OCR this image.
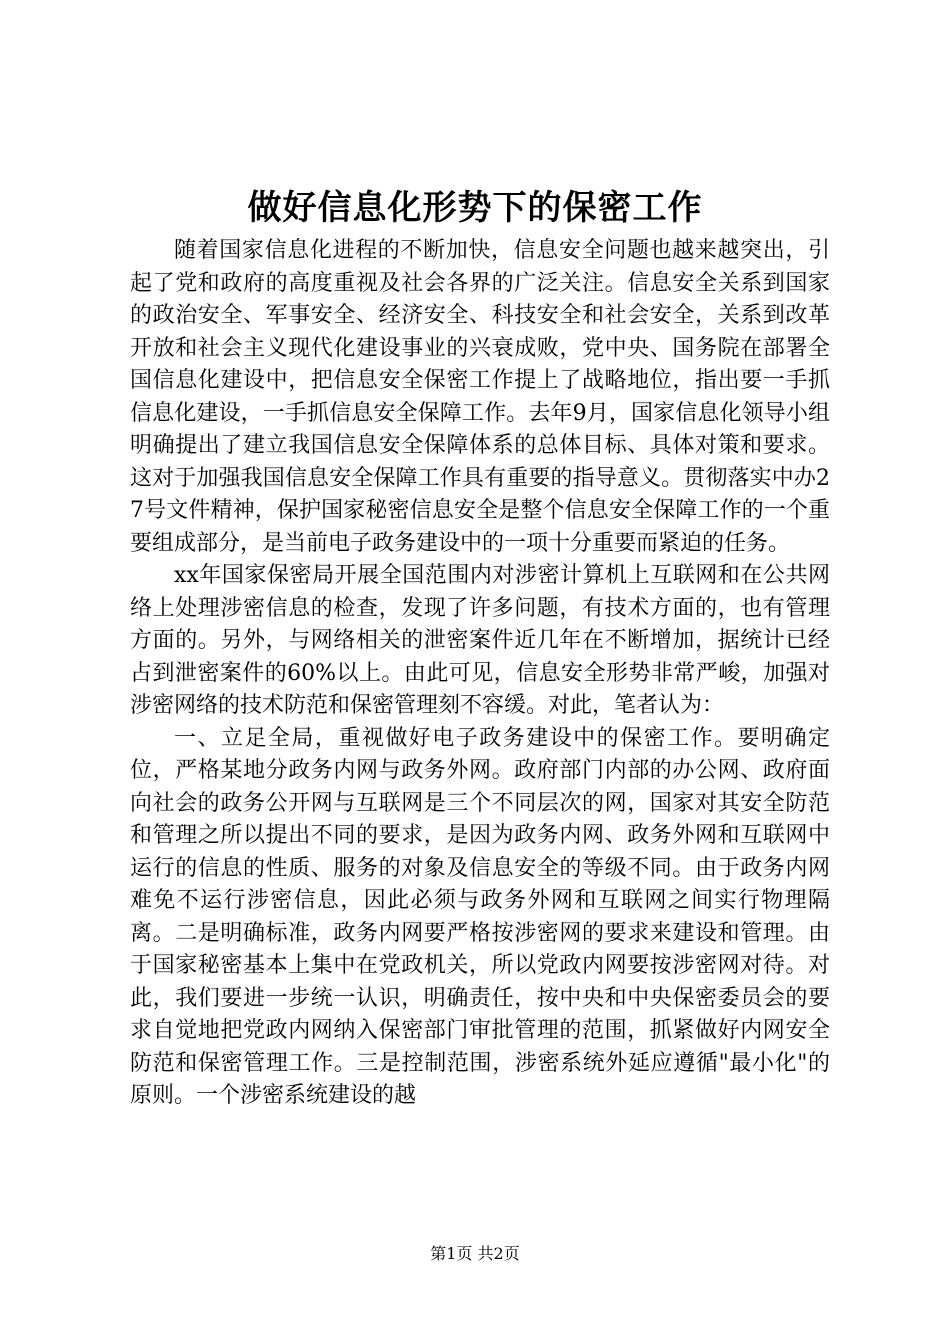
做好信息化形势下的保密工作

随着国家信息化进程的不断加快，信息安全问题也越来越突出，引起了党和政府的高度重视及社会各界的广泛关注。信息安全关系到国家的政治安全、军事安全、经济安全、科技安全和社会安全，关系到改革开放和社会主义现代化建设事业的兴衰成败，党中央、国务院在部署全国信息化建设中，把信息安全保密工作提上了战略地位，指出要一手抓信息化建设，一手抓信息安全保障工作。去年9月，国家信息化领导小组明确提出了建立我国信息安全保障体系的总体目标、具体对策和要求。这对于加强我国信息安全保障工作具有重要的指导意义。贯彻落实中办27号文件精神，保护国家秘密信息安全是整个信息安全保障工作的一个重要组成部分，是当前电子政务建设中的一项十分重要而紧迫的任务。

xx年国家保密局开展全国范围内对涉密计算机上互联网和在公共网络上处理涉密信息的检查，发现了许多问题，有技术方面的，也有管理方面的。另外，与网络相关的泄密案件近几年在不断增加，据统计已经占到泄密案件的60%以上。由此可见，信息安全形势非常严峻，加强对涉密网络的技术防范和保密管理刻不容缓。对此，笔者认为：

一、立足全局，重视做好电子政务建设中的保密工作。要明确定位，严格某地分政务内网与政务外网。政府部门内部的办公网、政府面向社会的政务公开网与互联网是三个不同层次的网，国家对其安全防范和管理之所以提出不同的要求，是因为政务内网、政务外网和互联网中运行的信息的性质、服务的对象及信息安全的等级不同。由于政务内网难免不运行涉密信息，因此必须与政务外网和互联网之间实行物理隔离。二是明确标准，政务内网要严格按涉密网的要求来建设和管理。由于国家秘密基本上集中在党政机关，所以党政内网要按涉密网对待。对此，我们要进一步统一认识，明确责任，按中央和中央保密委员会的要求自觉地把党政内网纳入保密部门审批管理的范围，抓紧做好内网安全防范和保密管理工作。三是控制范围，涉密系统外延应遵循"最小化"的原则。一个涉密系统建设的越

第1页 共2页
